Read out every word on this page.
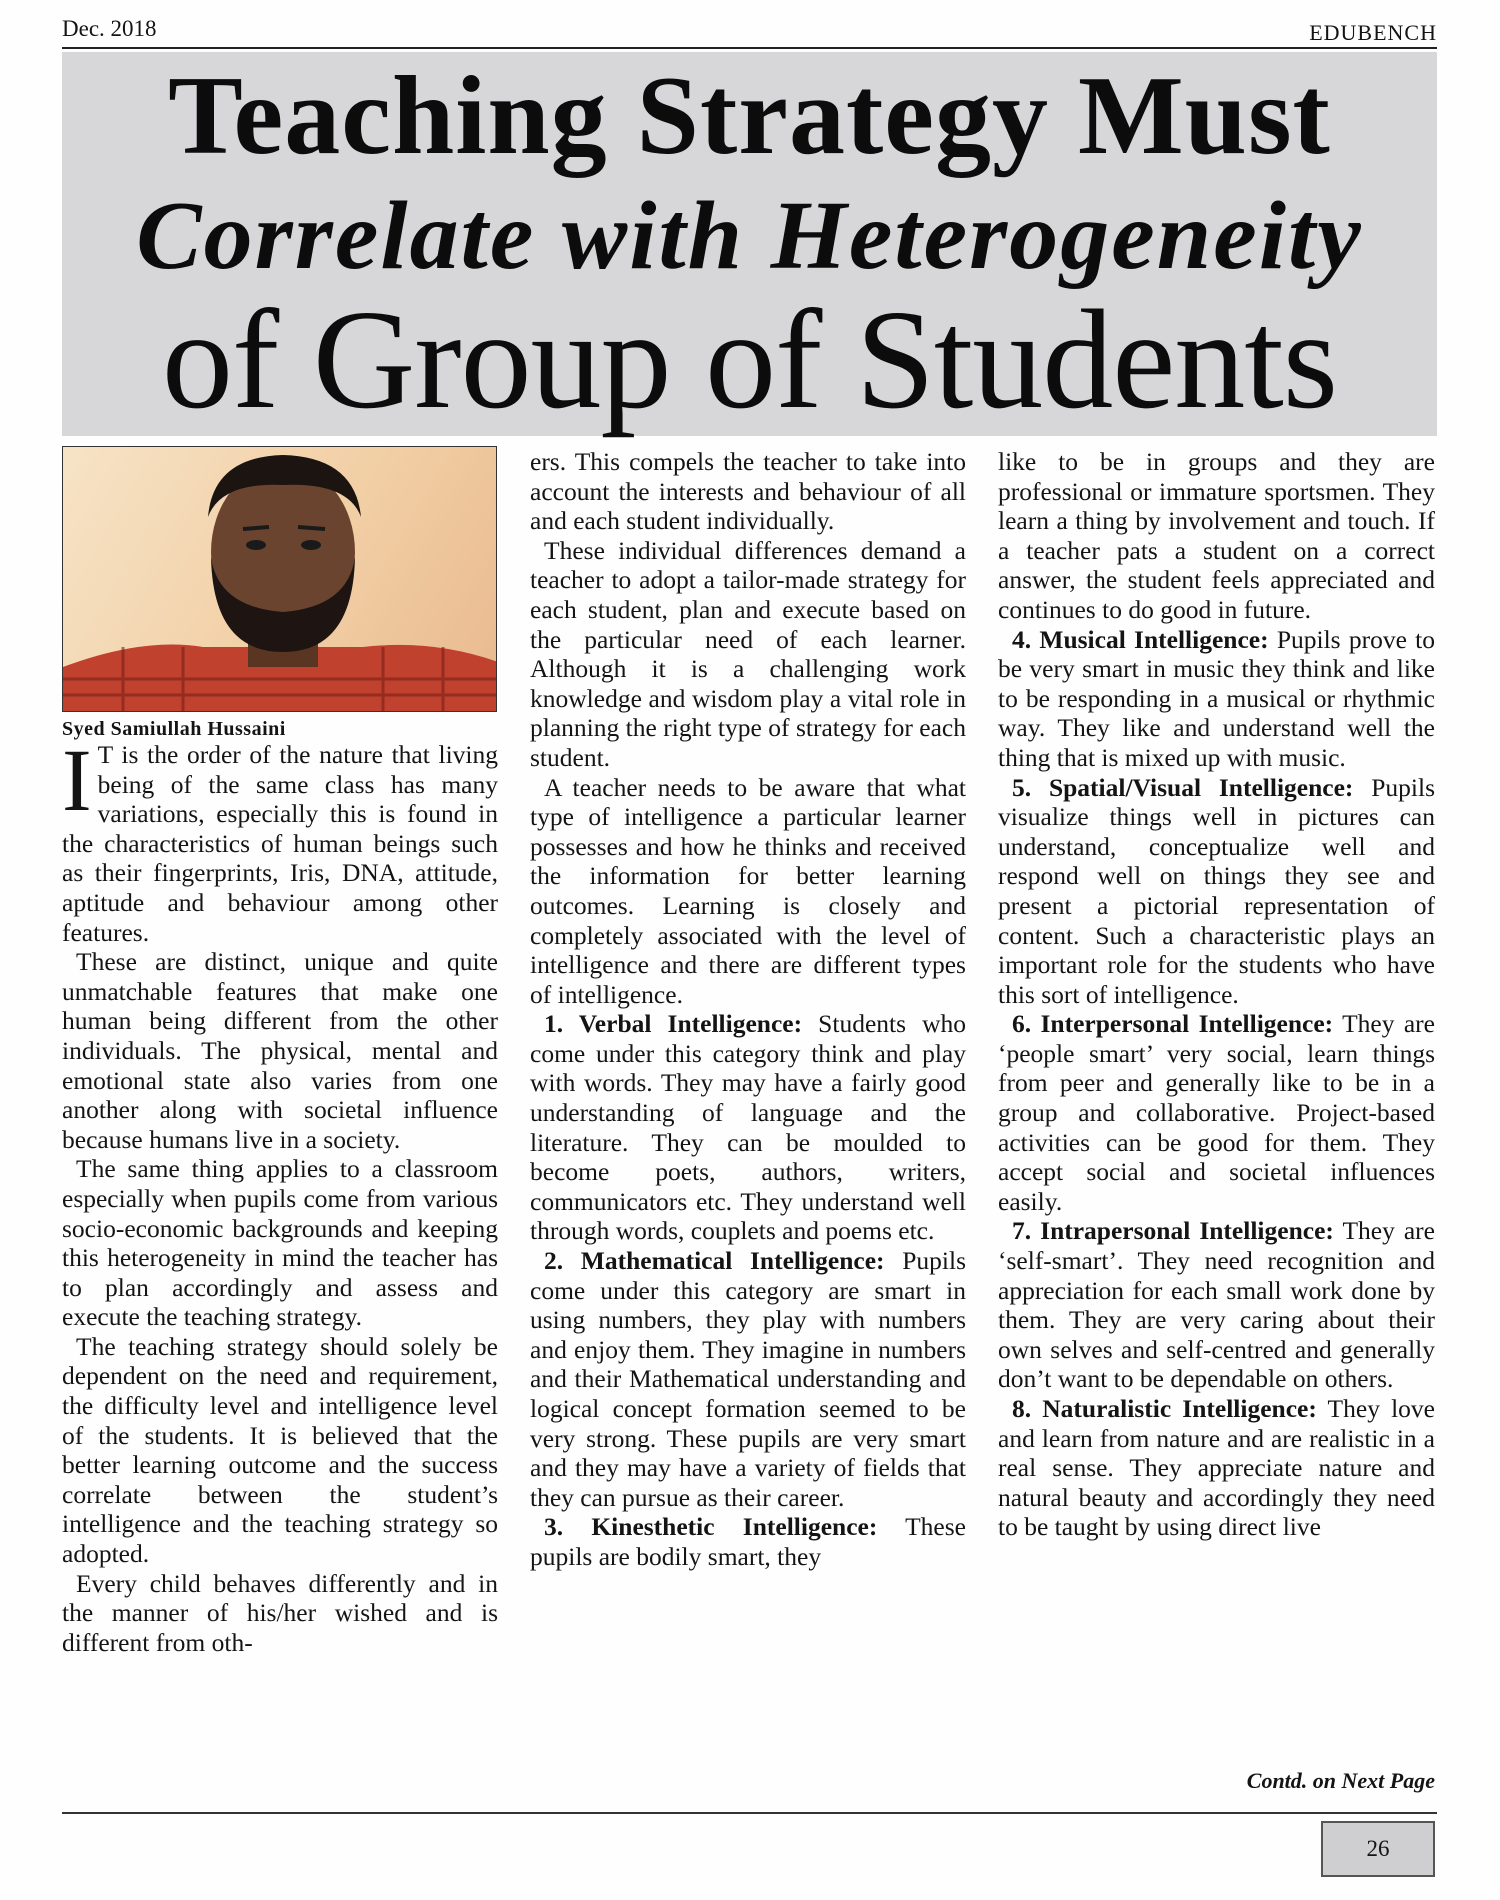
Dec. 2018	EDUBENCH
Teaching Strategy Must
Correlate with Heterogeneity
of Group of Students
Syed Samiullah Hussaini

I T is the order of the nature that living being of the same class has many variations, especially this is found in the characteristics of human beings such as their fingerprints, Iris, DNA, attitude, aptitude and behaviour among other features.

These are distinct, unique and quite unmatchable features that make one human being different from the other individuals. The physical, mental and emotional state also varies from one another along with societal influence because humans live in a society.

The same thing applies to a classroom especially when pupils come from various socio-economic backgrounds and keeping this heterogeneity in mind the teacher has to plan accordingly and assess and execute the teaching strategy.

The teaching strategy should solely be dependent on the need and requirement, the difficulty level and intelligence level of the students. It is believed that the better learning outcome and the success correlate between the student’s intelligence and the teaching strategy so adopted.

Every child behaves differently and in the manner of his/her wished and is different from oth-

ers. This compels the teacher to take into account the interests and behaviour of all and each student individually.

These individual differences demand a teacher to adopt a tailor-made strategy for each student, plan and execute based on the particular need of each learner. Although it is a challenging work knowledge and wisdom play a vital role in planning the right type of strategy for each student.

A teacher needs to be aware that what type of intelligence a particular learner possesses and how he thinks and received the information for better learning outcomes. Learning is closely and completely associated with the level of intelligence and there are different types of intelligence.

1. Verbal Intelligence: Students who come under this category think and play with words. They may have a fairly good understanding of language and the literature. They can be moulded to become poets, authors, writers, communicators etc. They understand well through words, couplets and poems etc.

2. Mathematical Intelligence: Pupils come under this category are smart in using numbers, they play with numbers and enjoy them. They imagine in numbers and their Mathematical understanding and logical concept formation seemed to be very strong. These pupils are very smart and they may have a variety of fields that they can pursue as their career.

3. Kinesthetic Intelligence: These pupils are bodily smart, they

like to be in groups and they are professional or immature sportsmen. They learn a thing by involvement and touch. If a teacher pats a student on a correct answer, the student feels appreciated and continues to do good in future.

4. Musical Intelligence: Pupils prove to be very smart in music they think and like to be responding in a musical or rhythmic way. They like and understand well the thing that is mixed up with music.

5. Spatial/Visual Intelligence: Pupils visualize things well in pictures can understand, conceptualize well and respond well on things they see and present a pictorial representation of content. Such a characteristic plays an important role for the students who have this sort of intelligence.

6. Interpersonal Intelligence: They are ‘people smart’ very social, learn things from peer and generally like to be in a group and collaborative. Project-based activities can be good for them. They accept social and societal influences easily.

7. Intrapersonal Intelligence: They are ‘self-smart’. They need recognition and appreciation for each small work done by them. They are very caring about their own selves and self-centred and generally don’t want to be dependable on others.

8. Naturalistic Intelligence: They love and learn from nature and are realistic in a real sense. They appreciate nature and natural beauty and accordingly they need to be taught by using direct live

Contd. on Next Page
26
